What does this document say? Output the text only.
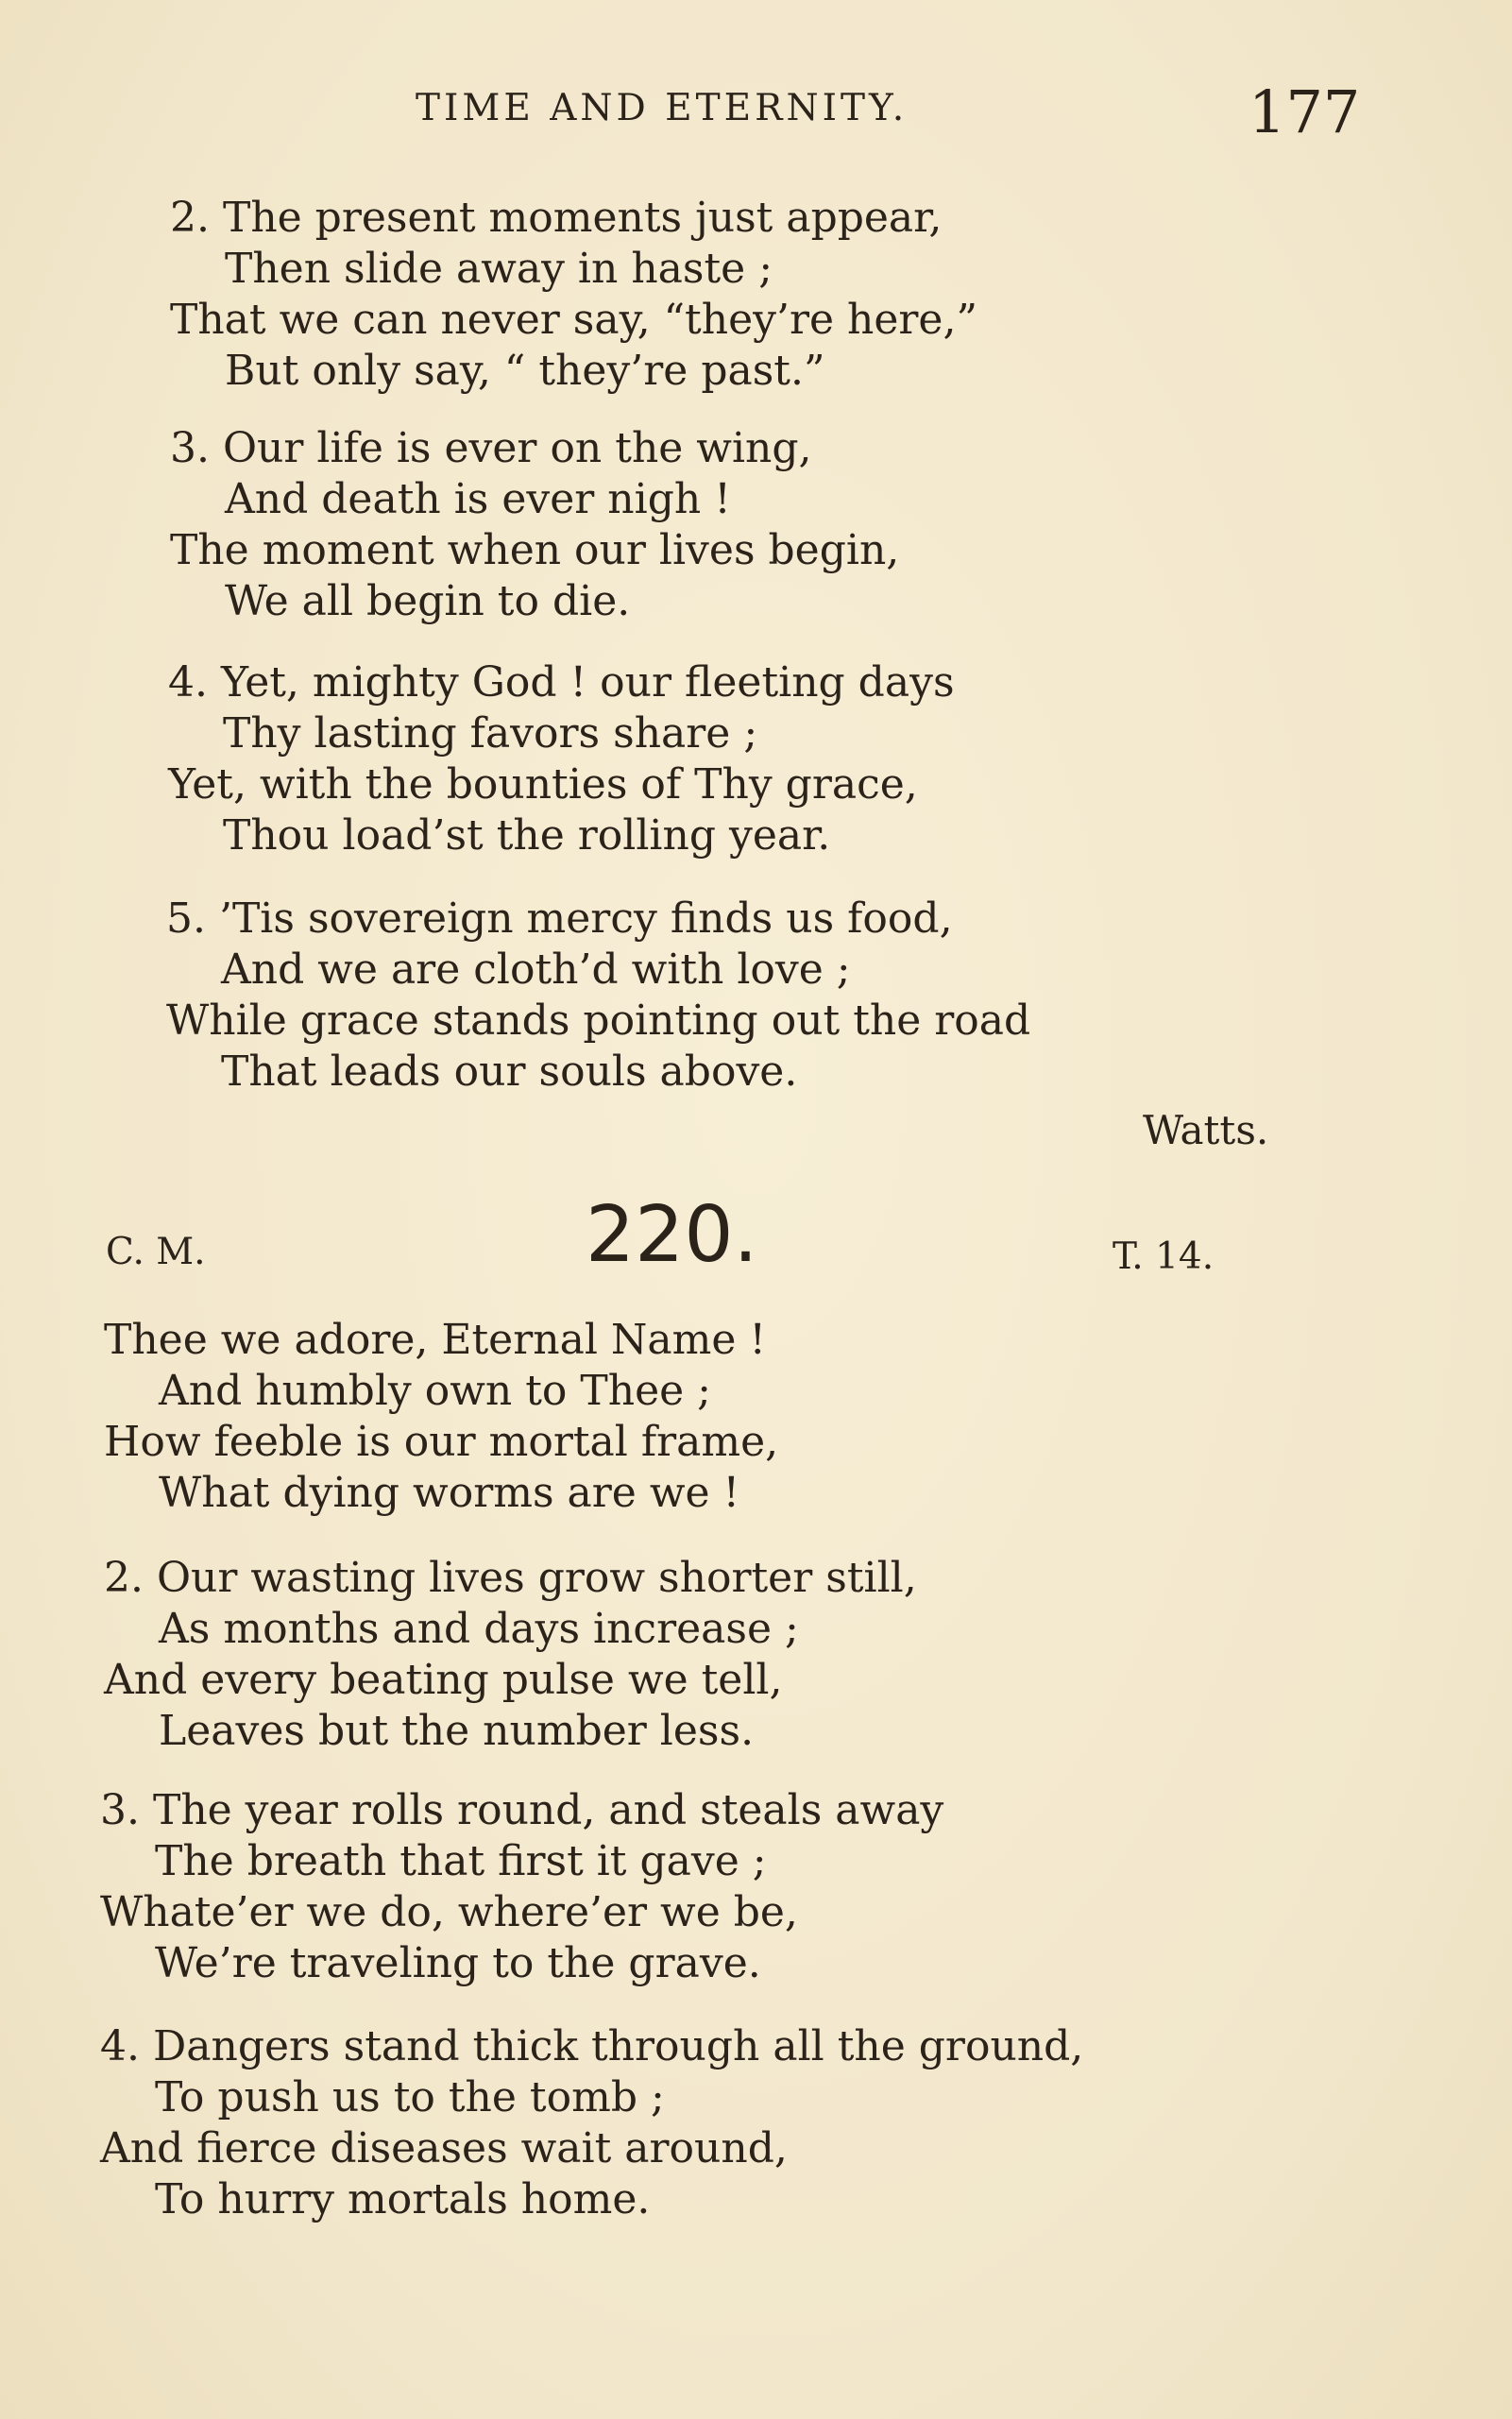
TIME AND ETERNITY.	177
2. The present moments just appear,
Then slide away in haste ;
That we can never say, “they’re here,”
But only say, “ they’re past.”
3. Our life is ever on the wing,
And death is ever nigh !
The moment when our lives begin,
We all begin to die.
4. Yet, mighty God ! our fleeting days
Thy lasting favors share ;
Yet, with the bounties of Thy grace,
Thou load’st the rolling year.
5. ’Tis sovereign mercy finds us food,
And we are cloth’d with love ;
While grace stands pointing out the road
That leads our souls above.
Watts.
C. M.	220.	T. 14.
Thee we adore, Eternal Name !
And humbly own to Thee ;
How feeble is our mortal frame,
What dying worms are we !
2. Our wasting lives grow shorter still,
As months and days increase ;
And every beating pulse we tell,
Leaves but the number less.
3. The year rolls round, and steals away
The breath that first it gave ;
Whate’er we do, where’er we be,
We’re traveling to the grave.
4. Dangers stand thick through all the ground,
To push us to the tomb ;
And fierce diseases wait around,
To hurry mortals home.
